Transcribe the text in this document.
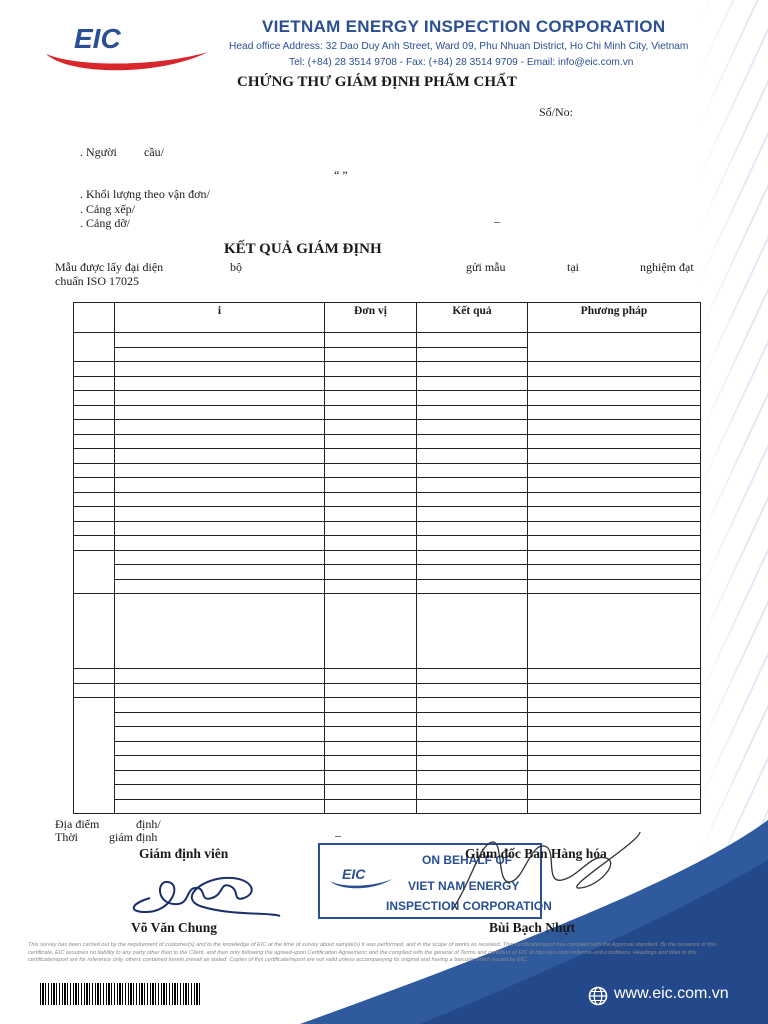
EIC	VIETNAM ENERGY INSPECTION CORPORATION
Head office Address: 32 Dao Duy Anh Street, Ward 09, Phu Nhuan District, Ho Chi Minh City, Vietnam
Tel: (+84) 28 3514 9708 - Fax: (+84) 28 3514 9709 - Email: info@eic.com.vn
CHỨNG THƯ GIÁM ĐỊNH PHẨM CHẤT
Số/No:
. Người cầu/
“ ”
. Khối lượng theo vận đơn/
. Cảng xếp/
. Cảng dỡ/	–
KẾT QUẢ GIÁM ĐỊNH
Mẫu được lấy đại diện	bộ	gửi mẫu	tại	nghiệm đạt
chuẩn ISO 17025
	i	Đơn vị	Kết quả	Phương pháp

Địa điểm	định/
Thời	giám định	–
ON BEHALF OF
VIET NAM ENERGY
INSPECTION CORPORATION
EIC
Giám định viên	Giám đốc Ban Hàng hóa
Võ Văn Chung	Bùi Bạch Nhựt
This survey has been carried out by the requirement of customer(s) and to the knowledge of EIC at the time of survey about sample(s) it was performed, and in the scope of works as received. This certificate/report has complied with the Approval standard. By the issuance of this certificate, EIC assumes no liability to any party other than to the Client, and then only following the agreed-upon Certification Agreement; and the complied with the general of Terms and condition of EIC at http://eic.com.vn/terms-and-conditions. Headings and titles in this certificate/report are for reference only, others contained herein prevail as stated. Copies of this certificate/report are not valid unless accompanying its original and having a barcode which issued by EIC.
www.eic.com.vn
